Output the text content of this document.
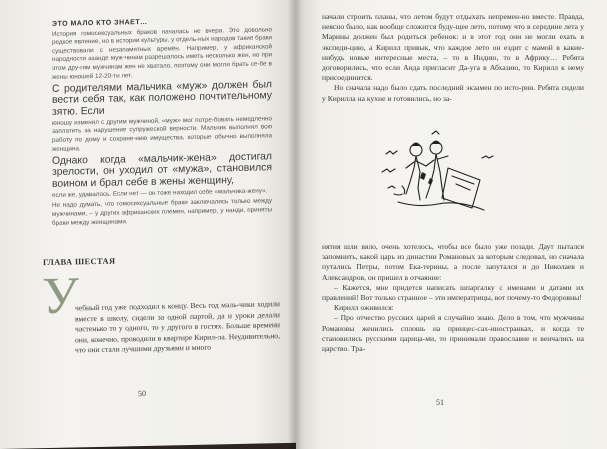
ЭТО МАЛО КТО ЗНАЕТ…

История гомосексуальных браков началась не вчера. Это довольно редкое явление, но в истории культуры, у отдель-ных народов такие браки существовали с незапамятных времён. Например, у африканской народности азанде муж-чинам разрешалось иметь несколько жен, но при этом дру-гим мужчинам жен не хватало, поэтому они могли брать се-бе в жены юношей 12-20-ти лет.

С родителями мальчика «муж» должен был вести себя так, как положено почтительному зятю. Если

юношу изменял с другим мужчиной, «муж» мог потре-бовать немедленно заплатить за нарушение супружеской верности. Мальчик выполнял всю работу по дому и сохране-нию имущества, которые обычно выполняла женщина.

Однако когда «мальчик-жена» достигал зрелости, он уходил от «мужа», становился воином и брал себе в жены женщину,

если же, удавалось. Если нет — он тоже находил себе «мальчика-жену».

Не надо думать, что гомосексуальные браки заключались только между мужчинами, – у других африканских племен, например, у нанди, приняты браки между женщинами.

ГЛАВА ШЕСТАЯ
У

чебный год уже подходил к концу. Весь год маль-чики ходили вместе в школу, сидели за одной партой, да и уроки делали частенько то у одного, то у другого в гостях. Больше времени они, конечно, проводили в квартире Кирил-ла. Неудивительно, что они стали лучшими друзьями и много

50

начали строить планы, что летом будут отдыхать непремен-но вместе. Правда, неясно было, как вообще сложится буду-щее лето, потому что в середине лета у Марины должен был родиться ребенок: и в этот год они не могли ехать в экспеди-цию, а Кирилл привык, что каждое лето он ездит с мамой в какие-нибудь новые интересные места, – то в Индию, то в Африку… Ребята договорились, что если Аида пригласит Да-уга в Абхазию, то Кирилл к нему присоединится.

Но сначала надо было сдать последний экзамен по исто-рии. Ребята сидели у Кирилла на кухне и готовились, но за-

нятия шли вяло, очень хотелось, чтобы все было уже позади. Даут пытался запомнить, какой царь из династии Романовых за которым следовал, но сначала путались Петры, потом Ека-терины, а после запутался и до Николаев и Александров, он пришел в отчаяние:

– Кажется, мне придется написать шпаргалку с именами и датами их правлений! Вот только странное – эти императрицы, вот почему-то Федоровны!

Кирилл оживился:

– Про отчество русских царей я случайно знаю. Дело в том, что мужчины Романовы женились сплошь на принцес-сах-иностранках, и когда те становились русскими царица-ми, то принимали православие и венчались на царство. Тра-

51
